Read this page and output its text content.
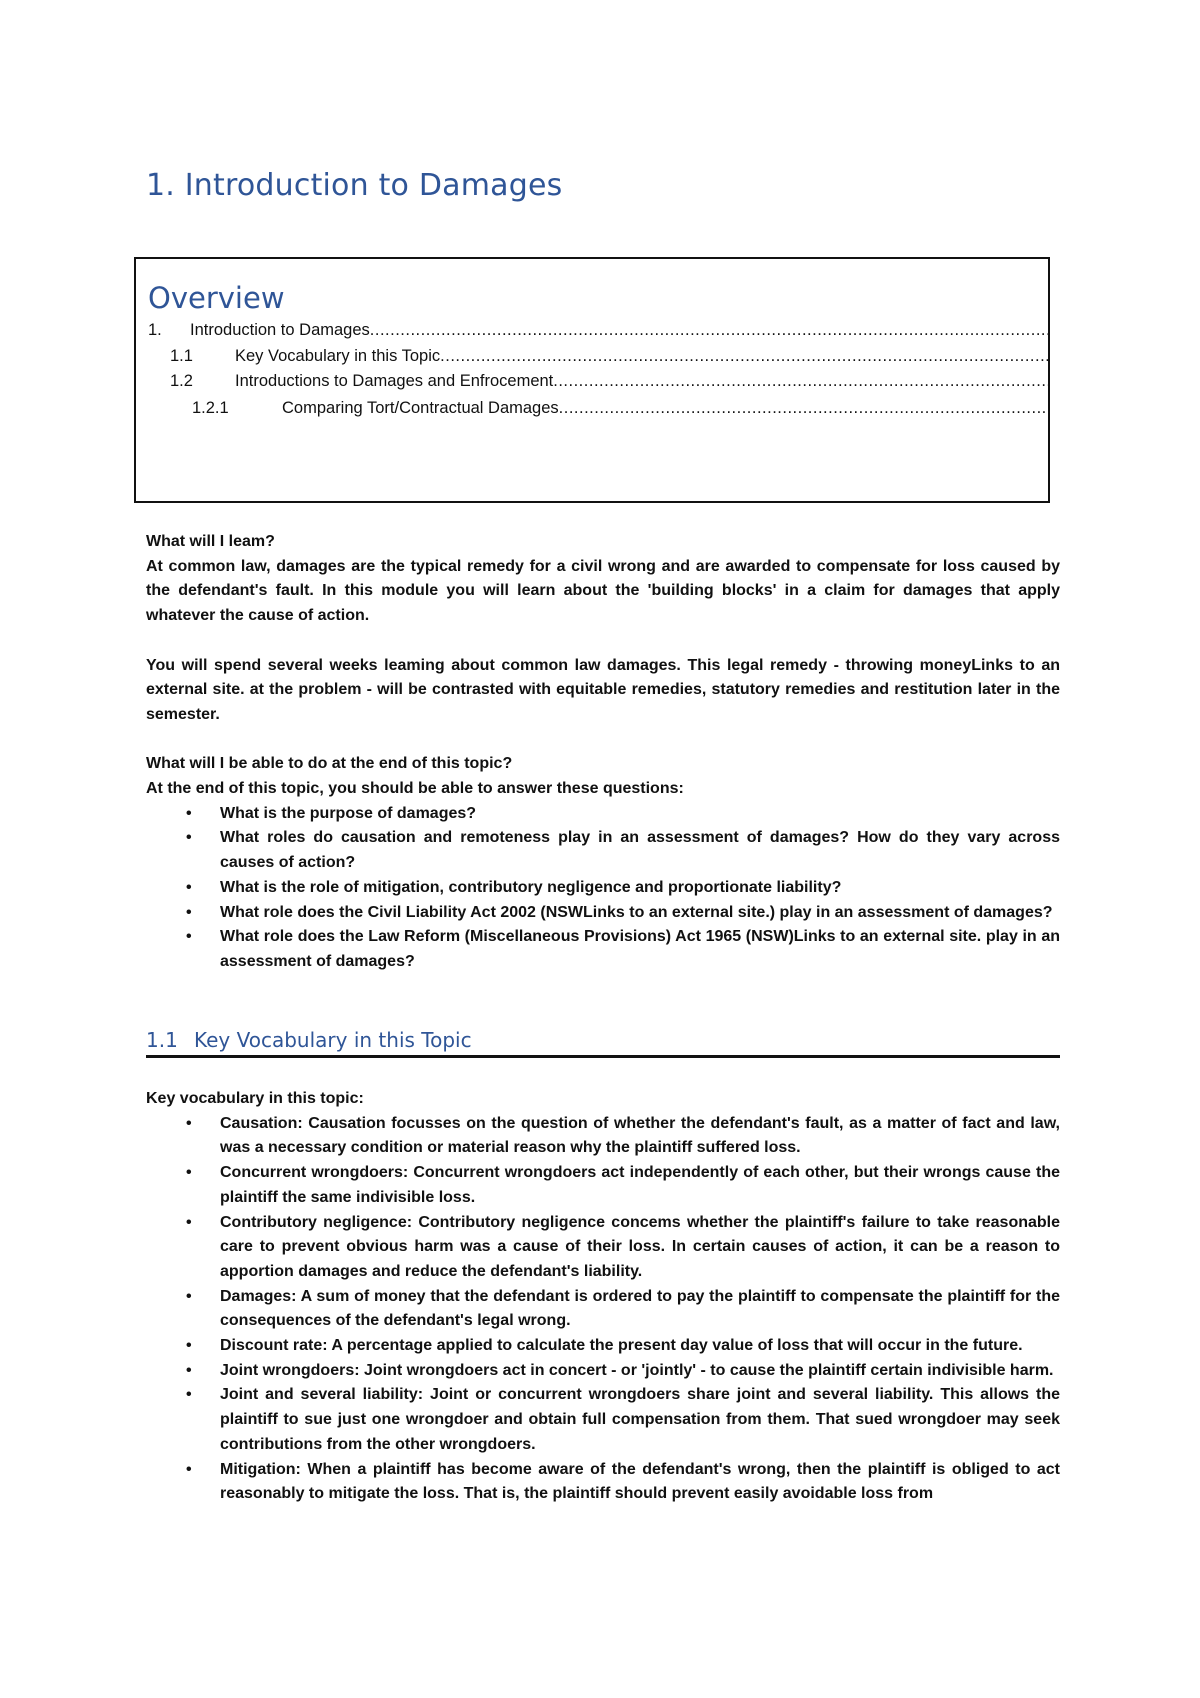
1. Introduction to Damages
Overview
1.	Introduction to Damages
.....
1.1	Key Vocabulary in this Topic
.....
1.2	Introductions to Damages and Enfrocement
.....
1.2.1	Comparing Tort/Contractual Damages
.....

What will I leam?

At common law, damages are the typical remedy for a civil wrong and are awarded to compensate for loss caused by the defendant's fault. In this module you will learn about the 'building blocks' in a claim for damages that apply whatever the cause of action.

You will spend several weeks leaming about common law damages. This legal remedy - throwing moneyLinks to an external site. at the problem - will be contrasted with equitable remedies, statutory remedies and restitution later in the semester.

What will I be able to do at the end of this topic?

At the end of this topic, you should be able to answer these questions:

• What is the purpose of damages?
• What roles do causation and remoteness play in an assessment of damages? How do they vary across causes of action?
• What is the role of mitigation, contributory negligence and proportionate liability?
• What role does the Civil Liability Act 2002 (NSWLinks to an external site.) play in an assessment of damages?
• What role does the Law Reform (Miscellaneous Provisions) Act 1965 (NSW)Links to an external site. play in an assessment of damages?
1.1 Key Vocabulary in this Topic

Key vocabulary in this topic:

• Causation: Causation focusses on the question of whether the defendant's fault, as a matter of fact and law, was a necessary condition or material reason why the plaintiff suffered loss.
• Concurrent wrongdoers: Concurrent wrongdoers act independently of each other, but their wrongs cause the plaintiff the same indivisible loss.
• Contributory negligence: Contributory negligence concems whether the plaintiff's failure to take reasonable care to prevent obvious harm was a cause of their loss. In certain causes of action, it can be a reason to apportion damages and reduce the defendant's liability.
• Damages: A sum of money that the defendant is ordered to pay the plaintiff to compensate the plaintiff for the consequences of the defendant's legal wrong.
• Discount rate: A percentage applied to calculate the present day value of loss that will occur in the future.
• Joint wrongdoers: Joint wrongdoers act in concert - or 'jointly' - to cause the plaintiff certain indivisible harm.
• Joint and several liability: Joint or concurrent wrongdoers share joint and several liability. This allows the plaintiff to sue just one wrongdoer and obtain full compensation from them. That sued wrongdoer may seek contributions from the other wrongdoers.
• Mitigation: When a plaintiff has become aware of the defendant's wrong, then the plaintiff is obliged to act reasonably to mitigate the loss. That is, the plaintiff should prevent easily avoidable loss from
